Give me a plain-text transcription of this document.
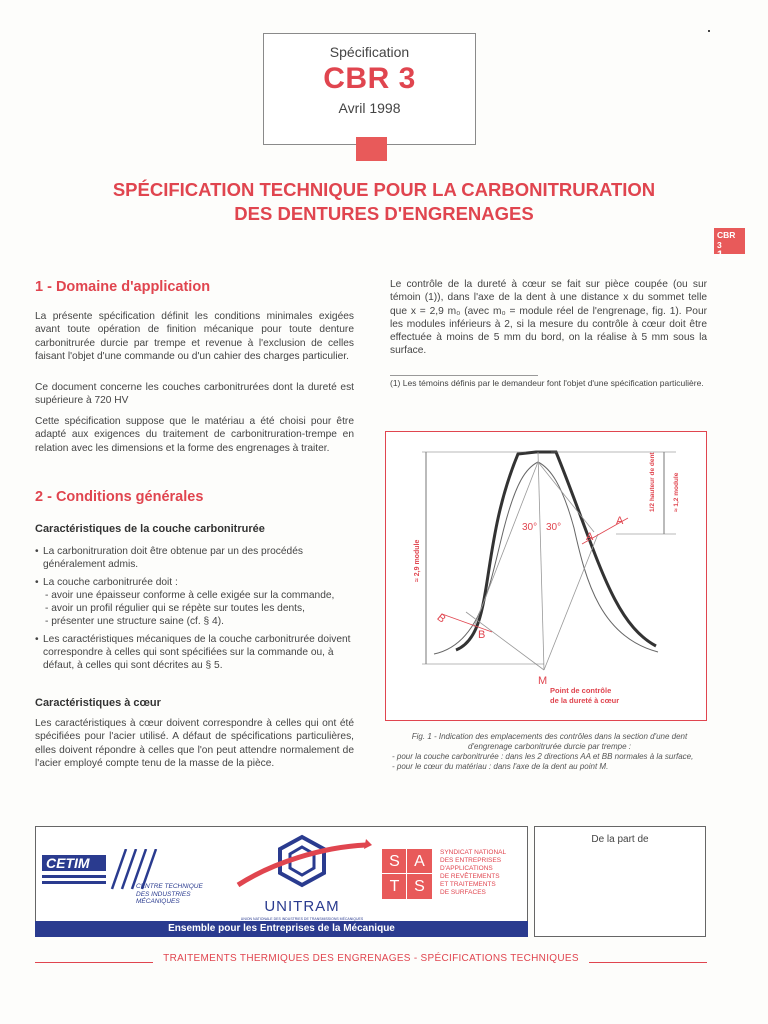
Spécification
CBR 3
Avril 1998
SPÉCIFICATION TECHNIQUE POUR LA CARBONITRURATION
DES DENTURES D'ENGRENAGES
CBR 3
1
1 - Domaine d'application

La présente spécification définit les conditions minimales exigées avant toute opération de finition mécanique pour toute denture carbonitrurée durcie par trempe et revenue à l'exclusion de celles faisant l'objet d'une commande ou d'un cahier des charges particulier.

Ce document concerne les couches carbonitrurées dont la dureté est supérieure à 720 HV

Cette spécification suppose que le matériau a été choisi pour être adapté aux exigences du traitement de carbonitruration-trempe en relation avec les dimensions et la forme des engrenages à traiter.

2 - Conditions générales
Caractéristiques de la couche carbonitrurée
• La carbonitruration doit être obtenue par un des procédés généralement admis.
• La couche carbonitrurée doit :
- avoir une épaisseur conforme à celle exigée sur la commande,
- avoir un profil régulier qui se répète sur toutes les dents,
- présenter une structure saine (cf. § 4).
• Les caractéristiques mécaniques de la couche carbonitrurée doivent correspondre à celles qui sont spécifiées sur la commande ou, à défaut, à celles qui sont décrites au § 5.
Caractéristiques à cœur

Les caractéristiques à cœur doivent correspondre à celles qui ont été spécifiées pour l'acier utilisé. A défaut de spécifications particulières, elles doivent répondre à celles que l'on peut attendre normalement de l'acier employé compte tenu de la masse de la pièce.

Le contrôle de la dureté à cœur se fait sur pièce coupée (ou sur témoin (1)), dans l'axe de la dent à une distance x du sommet telle que x = 2,9 m₀ (avec m₀ = module réel de l'engrenage, fig. 1). Pour les modules inférieurs à 2, si la mesure du contrôle à cœur doit être effectuée à moins de 5 mm du bord, on la réalise à 5 mm sous la surface.

(1) Les témoins définis par le demandeur font l'objet d'une spécification particulière.

≈ 2,9 module
1/2 hauteur de dent	≈ 1,2 module
30° 30°
A
A
B
B
M
Point de contrôle
de la dureté à cœur
Fig. 1 - Indication des emplacements des contrôles dans la section d'une dent d'engrenage carbonitrurée durcie par trempe :
- pour la couche carbonitrurée : dans les 2 directions AA et BB normales à la surface,
- pour le cœur du matériau : dans l'axe de la dent au point M.
CETIM
CENTRE TECHNIQUE
DES INDUSTRIES
MÉCANIQUES	UNITRAM
UNION NATIONALE DES INDUSTRIES DE TRANSMISSIONS MÉCANIQUES
S A
T S
SYNDICAT NATIONAL
DES ENTREPRISES
D'APPLICATIONS
DE REVÊTEMENTS
ET TRAITEMENTS
DE SURFACES
Ensemble pour les Entreprises de la Mécanique
De la part de
TRAITEMENTS THERMIQUES DES ENGRENAGES - SPÉCIFICATIONS TECHNIQUES
